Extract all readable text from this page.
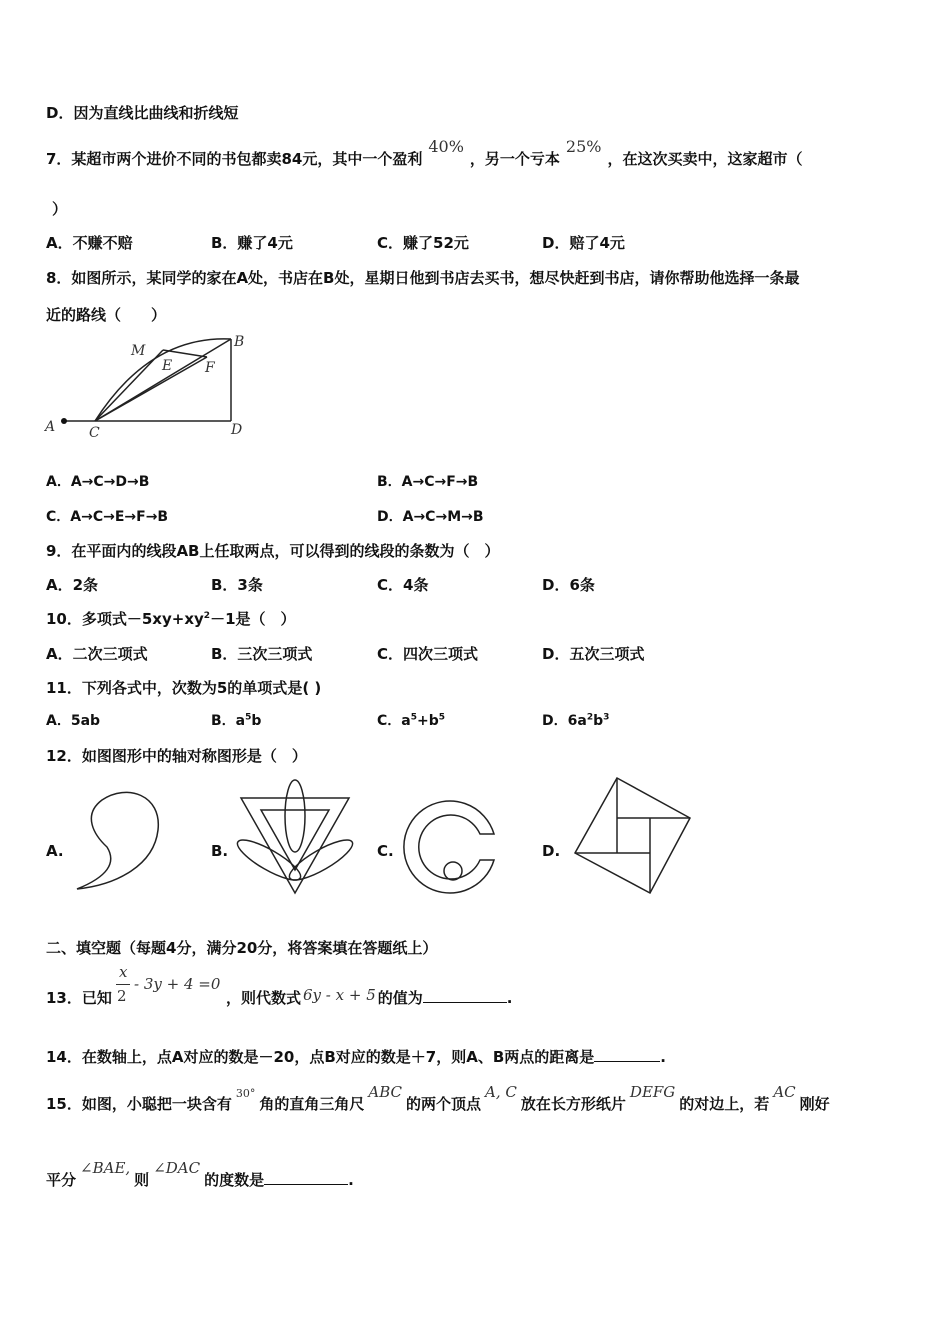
D．因为直线比曲线和折线短
7．某超市两个进价不同的书包都卖84元，其中一个盈利40%，另一个亏本25%，在这次买卖中，这家超市（
）
A．不赚不赔	B．赚了4元	C．赚了52元	D．赔了4元
8．如图所示，某同学的家在A处，书店在B处，星期日他到书店去买书，想尽快赶到书店，请你帮助他选择一条最
近的路线（　　）
A C	D
B
M
E F
A．A→C→D→B	B．A→C→F→B
C．A→C→E→F→B	D．A→C→M→B
9．在平面内的线段AB上任取两点，可以得到的线段的条数为（　）
A．2条	B．3条	C．4条	D．6条
10．多项式$-5xy+xy^2-1$是（　）
A．二次三项式	B．三次三项式	C．四次三项式	D．五次三项式
11．下列各式中，次数为5的单项式是( )
A．5ab	B．$a^5b$	C．$a^5+b^5$	D．$6a^2b^3$
12．如图图形中的轴对称图形是（　）
A.	B.	C.	D.
二、填空题（每题4分，满分20分，将答案填在答题纸上）
x
2
13．已知
- 3y + 4 =0
，则代数式 6y - x + 5 的值为	.
14．在数轴上，点A对应的数是－20，点B对应的数是＋7，则A、B两点的距离是	.
15．如图，小聪把一块含有$^{30^\circ}$角的直角三角尺ABC的两个顶点A, C放在长方形纸片DEFG的对边上，若AC刚好
平分∠BAE,则∠DAC的度数是	.
